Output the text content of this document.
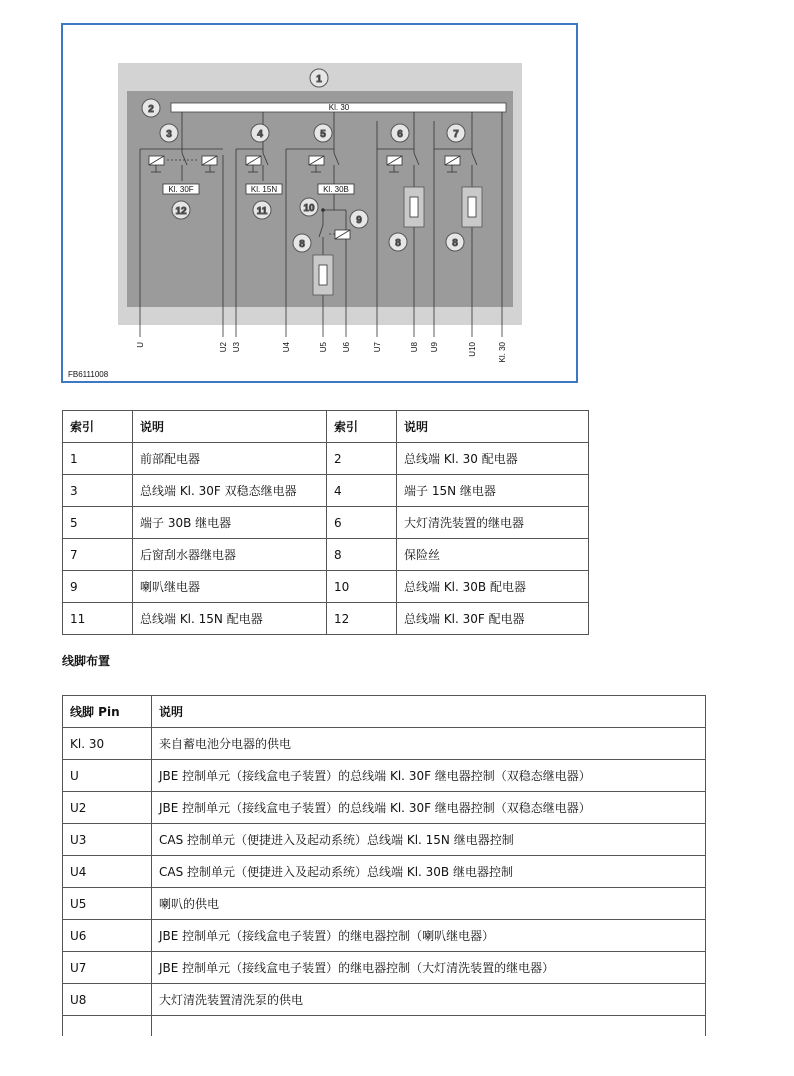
Kl. 30
Kl. 30F	Kl. 15N	Kl. 30B
1
2
3	4	5	6	7
8	8	8
9
10
11
12
U	U2 U3	U4	U5 U6	U7	U8 U9	U10	Kl. 30
FB6111008
索引	说明	索引	说明
1	前部配电器	2	总线端 Kl. 30 配电器
3	总线端 Kl. 30F 双稳态继电器	4	端子 15N 继电器
5	端子 30B 继电器	6	大灯清洗装置的继电器
7	后窗刮水器继电器	8	保险丝
9	喇叭继电器	10	总线端 Kl. 30B 配电器
11	总线端 Kl. 15N 配电器	12	总线端 Kl. 30F 配电器
线脚布置
线脚 Pin	说明
Kl. 30	来自蓄电池分电器的供电
U	JBE 控制单元（接线盒电子装置）的总线端 Kl. 30F 继电器控制（双稳态继电器）
U2	JBE 控制单元（接线盒电子装置）的总线端 Kl. 30F 继电器控制（双稳态继电器）
U3	CAS 控制单元（便捷进入及起动系统）总线端 Kl. 15N 继电器控制
U4	CAS 控制单元（便捷进入及起动系统）总线端 Kl. 30B 继电器控制
U5	喇叭的供电
U6	JBE 控制单元（接线盒电子装置）的继电器控制（喇叭继电器）
U7	JBE 控制单元（接线盒电子装置）的继电器控制（大灯清洗装置的继电器）
U8	大灯清洗装置清洗泵的供电
